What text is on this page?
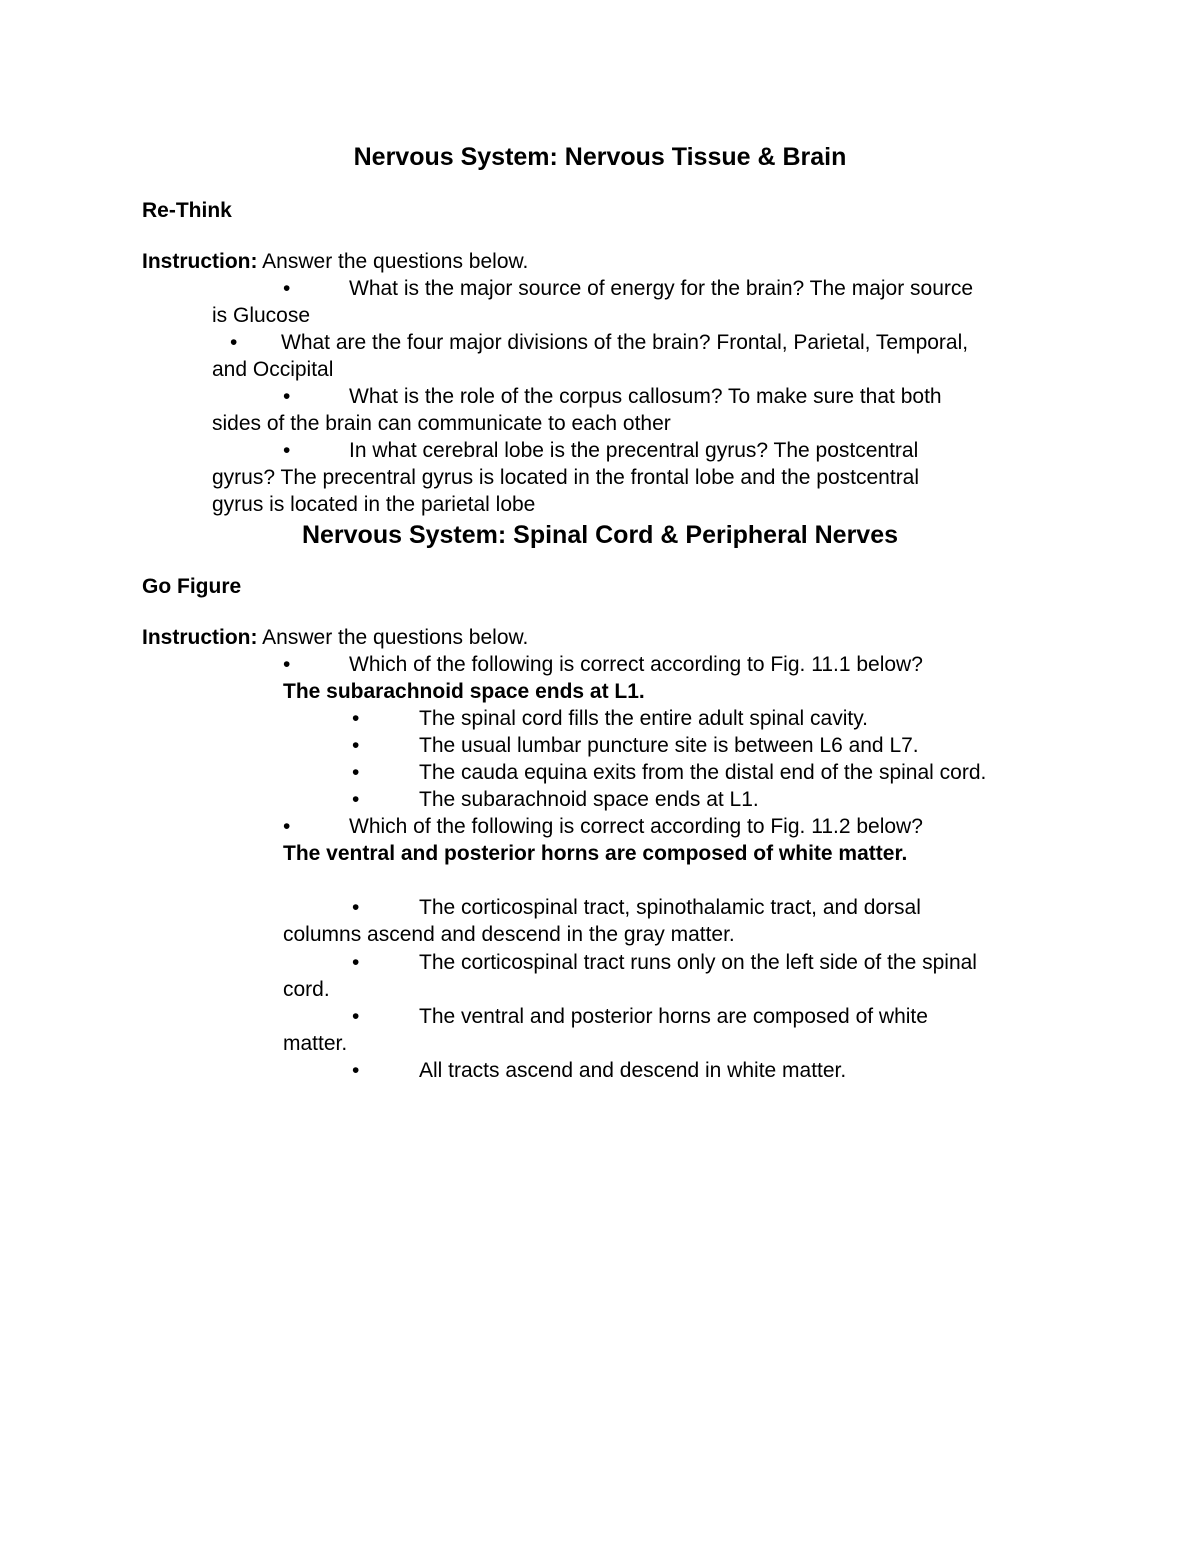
Nervous System: Nervous Tissue & Brain
Re-Think

Instruction: Answer the questions below.

•	What is the major source of energy for the brain? The major source

is Glucose

• What are the four major divisions of the brain? Frontal, Parietal, Temporal,

and Occipital

•	What is the role of the corpus callosum? To make sure that both

sides of the brain can communicate to each other

•	In what cerebral lobe is the precentral gyrus? The postcentral

gyrus? The precentral gyrus is located in the frontal lobe and the postcentral

gyrus is located in the parietal lobe

Nervous System: Spinal Cord & Peripheral Nerves
Go Figure

Instruction: Answer the questions below.

•	Which of the following is correct according to Fig. 11.1 below?

The subarachnoid space ends at L1.

•	The spinal cord fills the entire adult spinal cavity.

•	The usual lumbar puncture site is between L6 and L7.

•	The cauda equina exits from the distal end of the spinal cord.

•	The subarachnoid space ends at L1.

•	Which of the following is correct according to Fig. 11.2 below?

The ventral and posterior horns are composed of white matter.

•	The corticospinal tract, spinothalamic tract, and dorsal

columns ascend and descend in the gray matter.

•	The corticospinal tract runs only on the left side of the spinal

cord.

•	The ventral and posterior horns are composed of white

matter.

•	All tracts ascend and descend in white matter.
